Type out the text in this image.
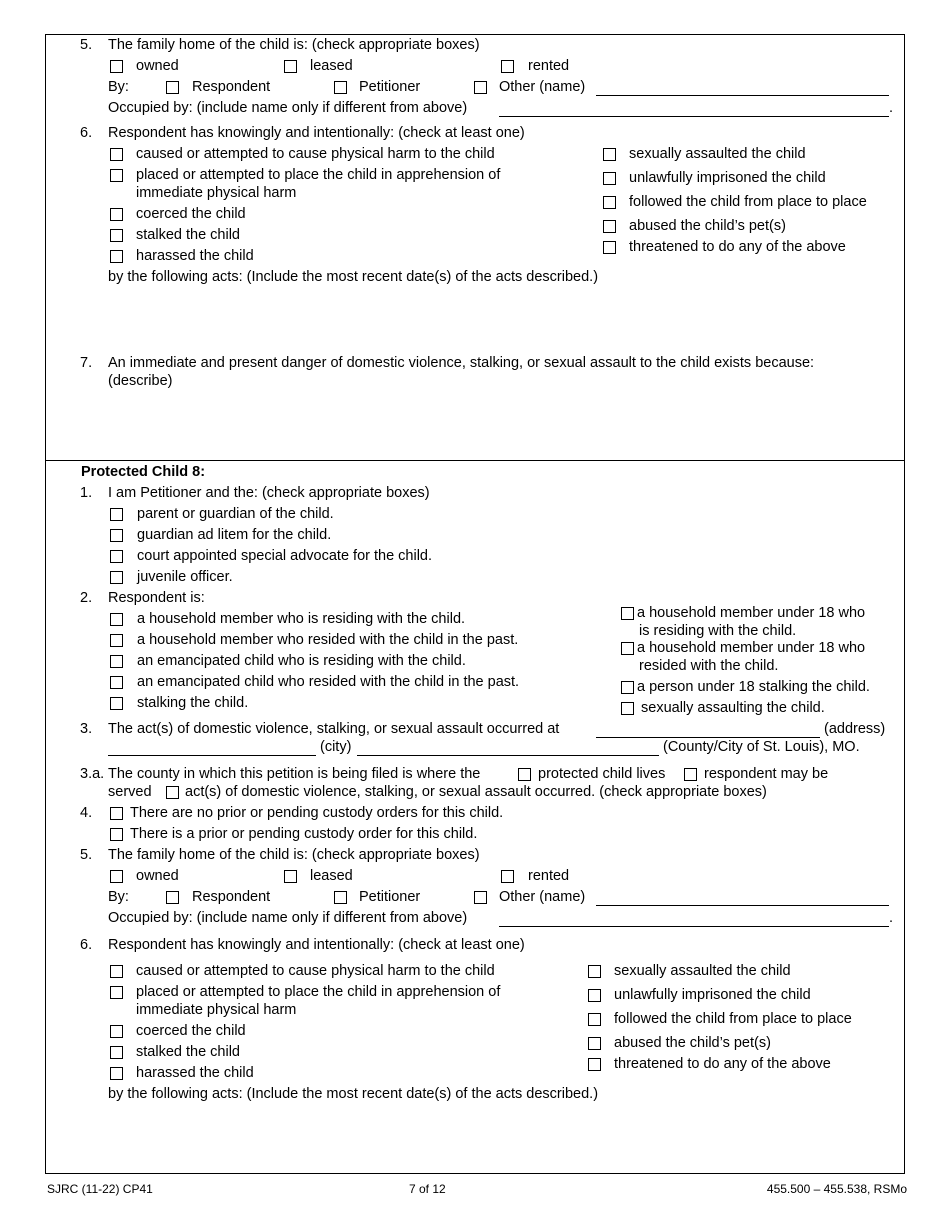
5. The family home of the child is: (check appropriate boxes)
owned	leased	rented
By:	Respondent	Petitioner	Other (name)
Occupied by: (include name only if different from above)	.
6. Respondent has knowingly and intentionally: (check at least one)
caused or attempted to cause physical harm to the child
placed or attempted to place the child in apprehension of
immediate physical harm
coerced the child
stalked the child
harassed the child
sexually assaulted the child
unlawfully imprisoned the child
followed the child from place to place
abused the child’s pet(s)
threatened to do any of the above
by the following acts: (Include the most recent date(s) of the acts described.)
7. An immediate and present danger of domestic violence, stalking, or sexual assault to the child exists because:
(describe)
Protected Child 8:
1. I am Petitioner and the: (check appropriate boxes)
parent or guardian of the child.
guardian ad litem for the child.
court appointed special advocate for the child.
juvenile officer.
2. Respondent is:
a household member who is residing with the child.
a household member who resided with the child in the past.
an emancipated child who is residing with the child.
an emancipated child who resided with the child in the past.
stalking the child.
a household member under 18 who
is residing with the child.
a household member under 18 who
resided with the child.
a person under 18 stalking the child.
sexually assaulting the child.
3. The act(s) of domestic violence, stalking, or sexual assault occurred at	(address)
(city)	(County/City of St. Louis), MO.
3.a. The county in which this petition is being filed is where the	protected child lives	respondent may be
served act(s) of domestic violence, stalking, or sexual assault occurred. (check appropriate boxes)
4.	There are no prior or pending custody orders for this child.
There is a prior or pending custody order for this child.
5. The family home of the child is: (check appropriate boxes)
owned	leased	rented
By:	Respondent	Petitioner	Other (name)
Occupied by: (include name only if different from above)	.
6. Respondent has knowingly and intentionally: (check at least one)
caused or attempted to cause physical harm to the child
placed or attempted to place the child in apprehension of
immediate physical harm
coerced the child
stalked the child
harassed the child
sexually assaulted the child
unlawfully imprisoned the child
followed the child from place to place
abused the child’s pet(s)
threatened to do any of the above
by the following acts: (Include the most recent date(s) of the acts described.)
SJRC (11-22) CP41	7 of 12	455.500 – 455.538, RSMo
